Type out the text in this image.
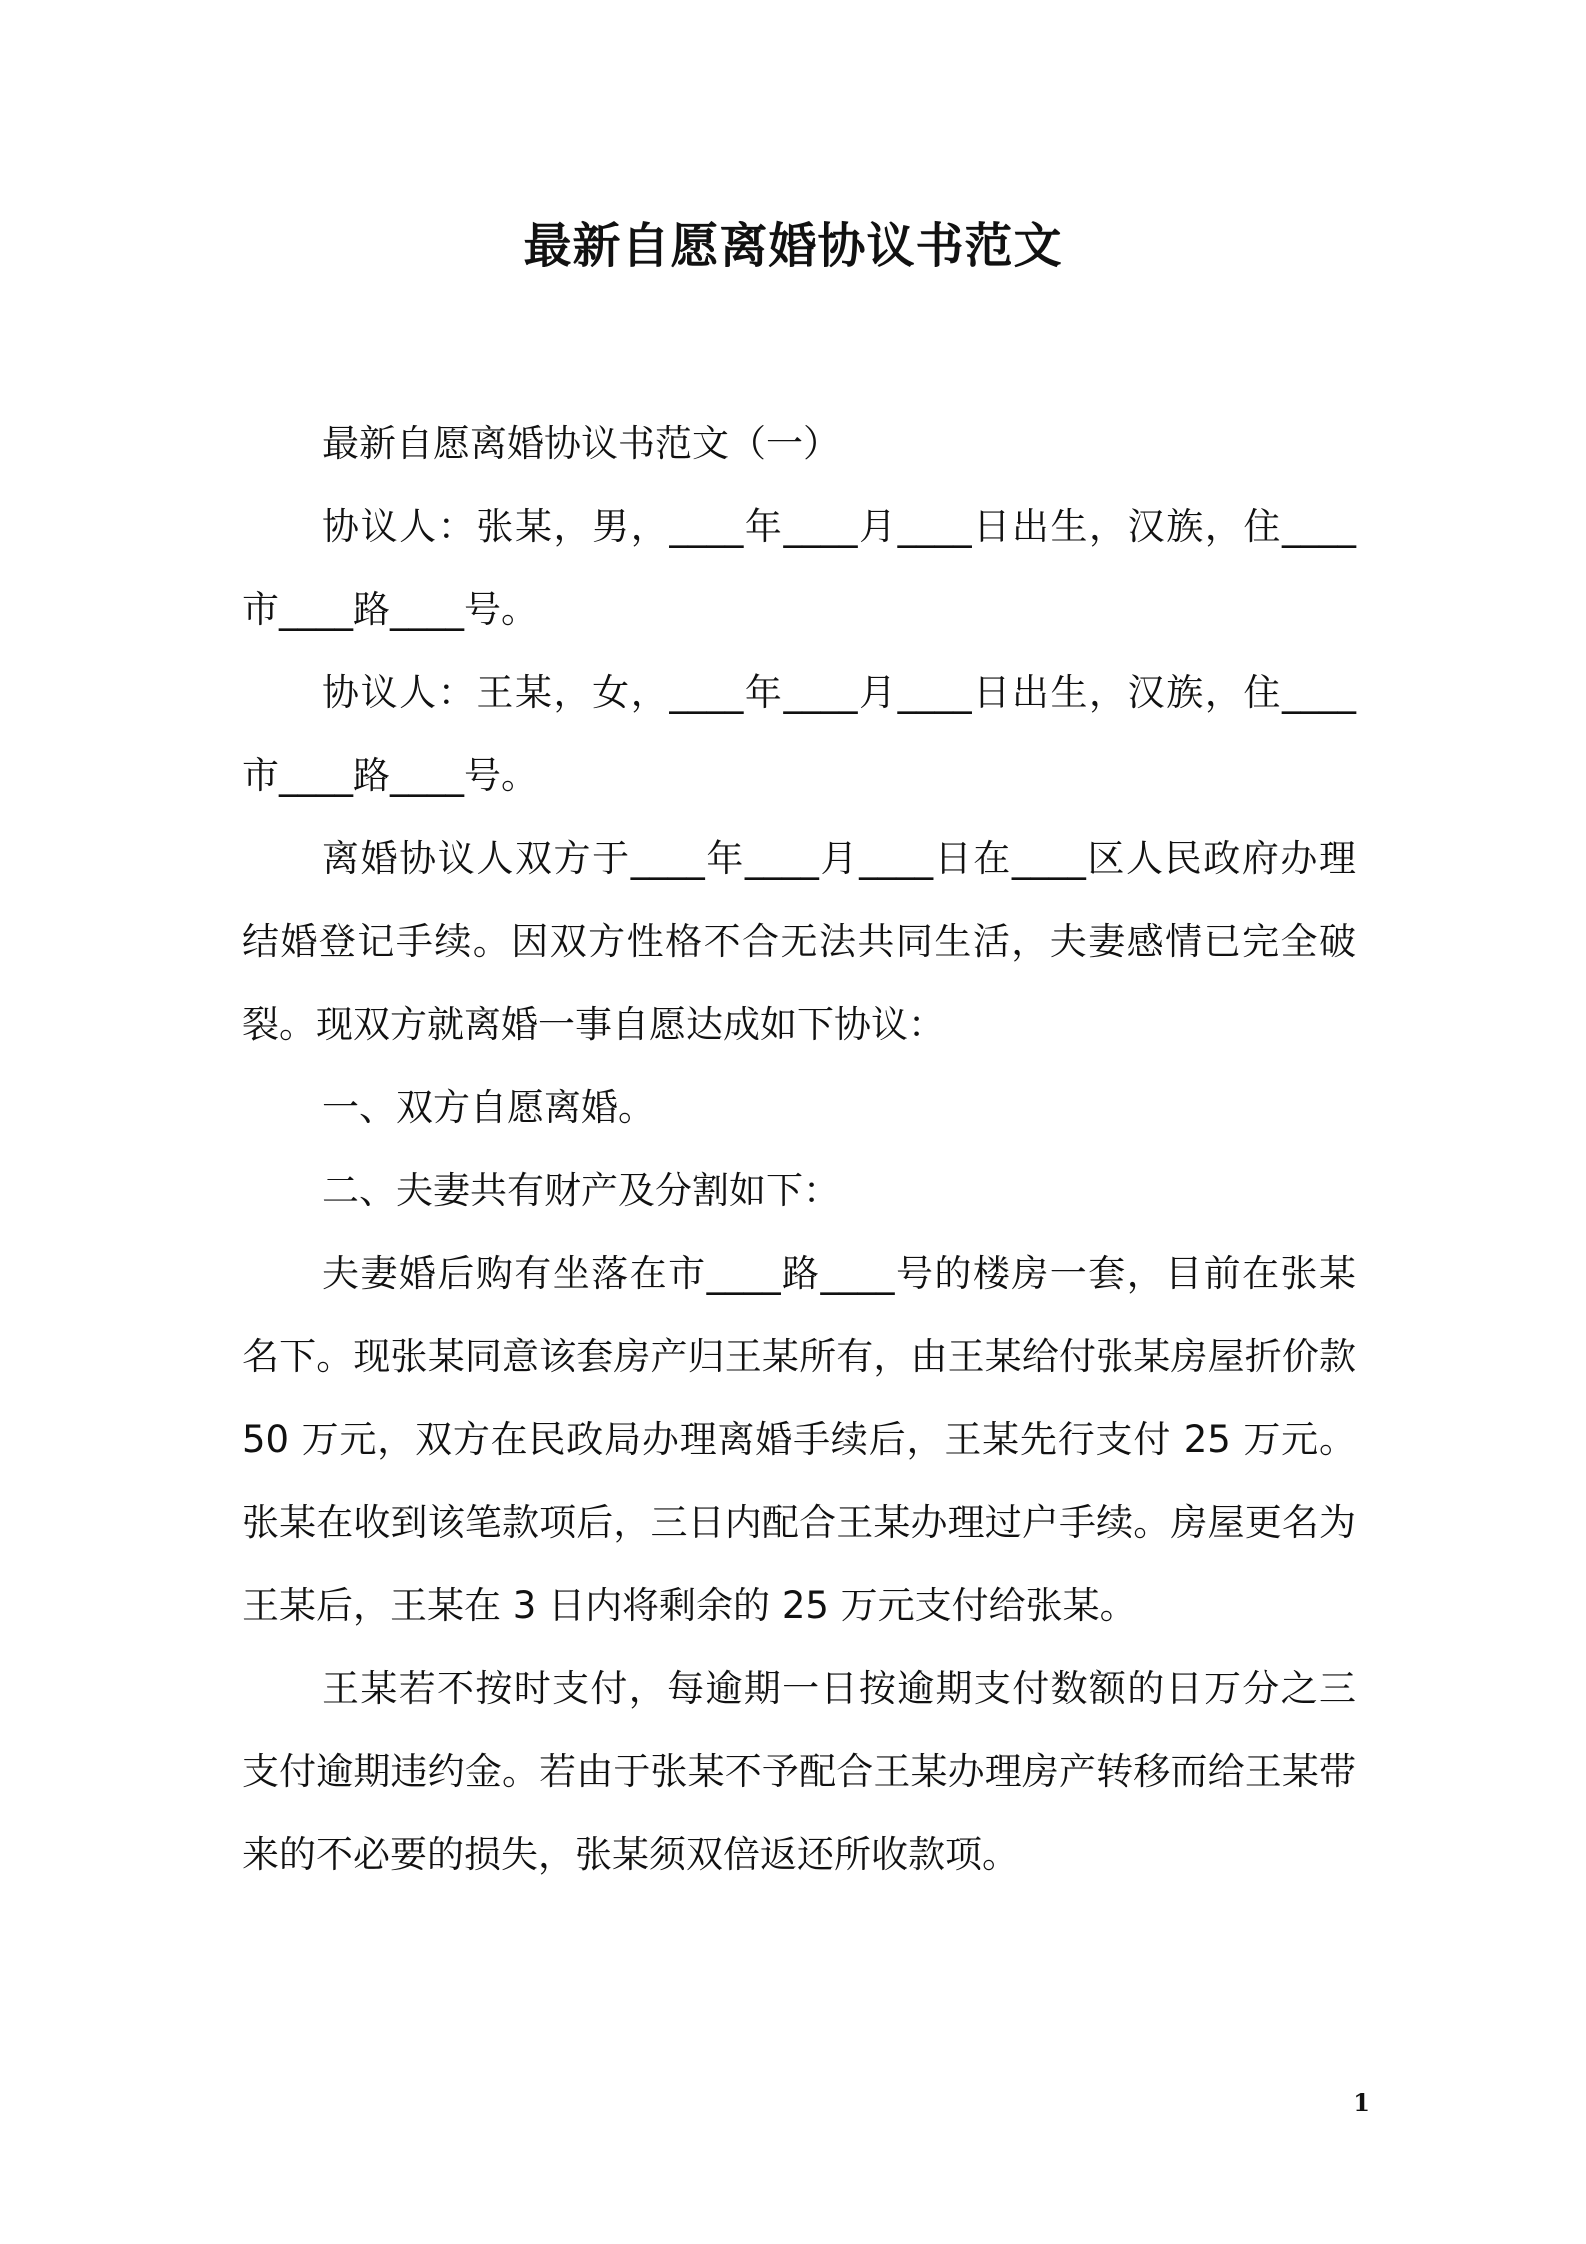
最新自愿离婚协议书范文

最新自愿离婚协议书范文（一）

协议人：张某，男，____年____月____日出生，汉族，住____市____路____号。

协议人：王某，女，____年____月____日出生，汉族，住____市____路____号。

离婚协议人双方于____年____月____日在____区人民政府办理结婚登记手续。因双方性格不合无法共同生活，夫妻感情已完全破裂。现双方就离婚一事自愿达成如下协议：

一、双方自愿离婚。

二、夫妻共有财产及分割如下：

夫妻婚后购有坐落在市____路____号的楼房一套，目前在张某名下。现张某同意该套房产归王某所有，由王某给付张某房屋折价款 50 万元，双方在民政局办理离婚手续后，王某先行支付 25 万元。张某在收到该笔款项后，三日内配合王某办理过户手续。房屋更名为王某后，王某在 3 日内将剩余的 25 万元支付给张某。

王某若不按时支付，每逾期一日按逾期支付数额的日万分之三支付逾期违约金。若由于张某不予配合王某办理房产转移而给王某带来的不必要的损失，张某须双倍返还所收款项。

1
